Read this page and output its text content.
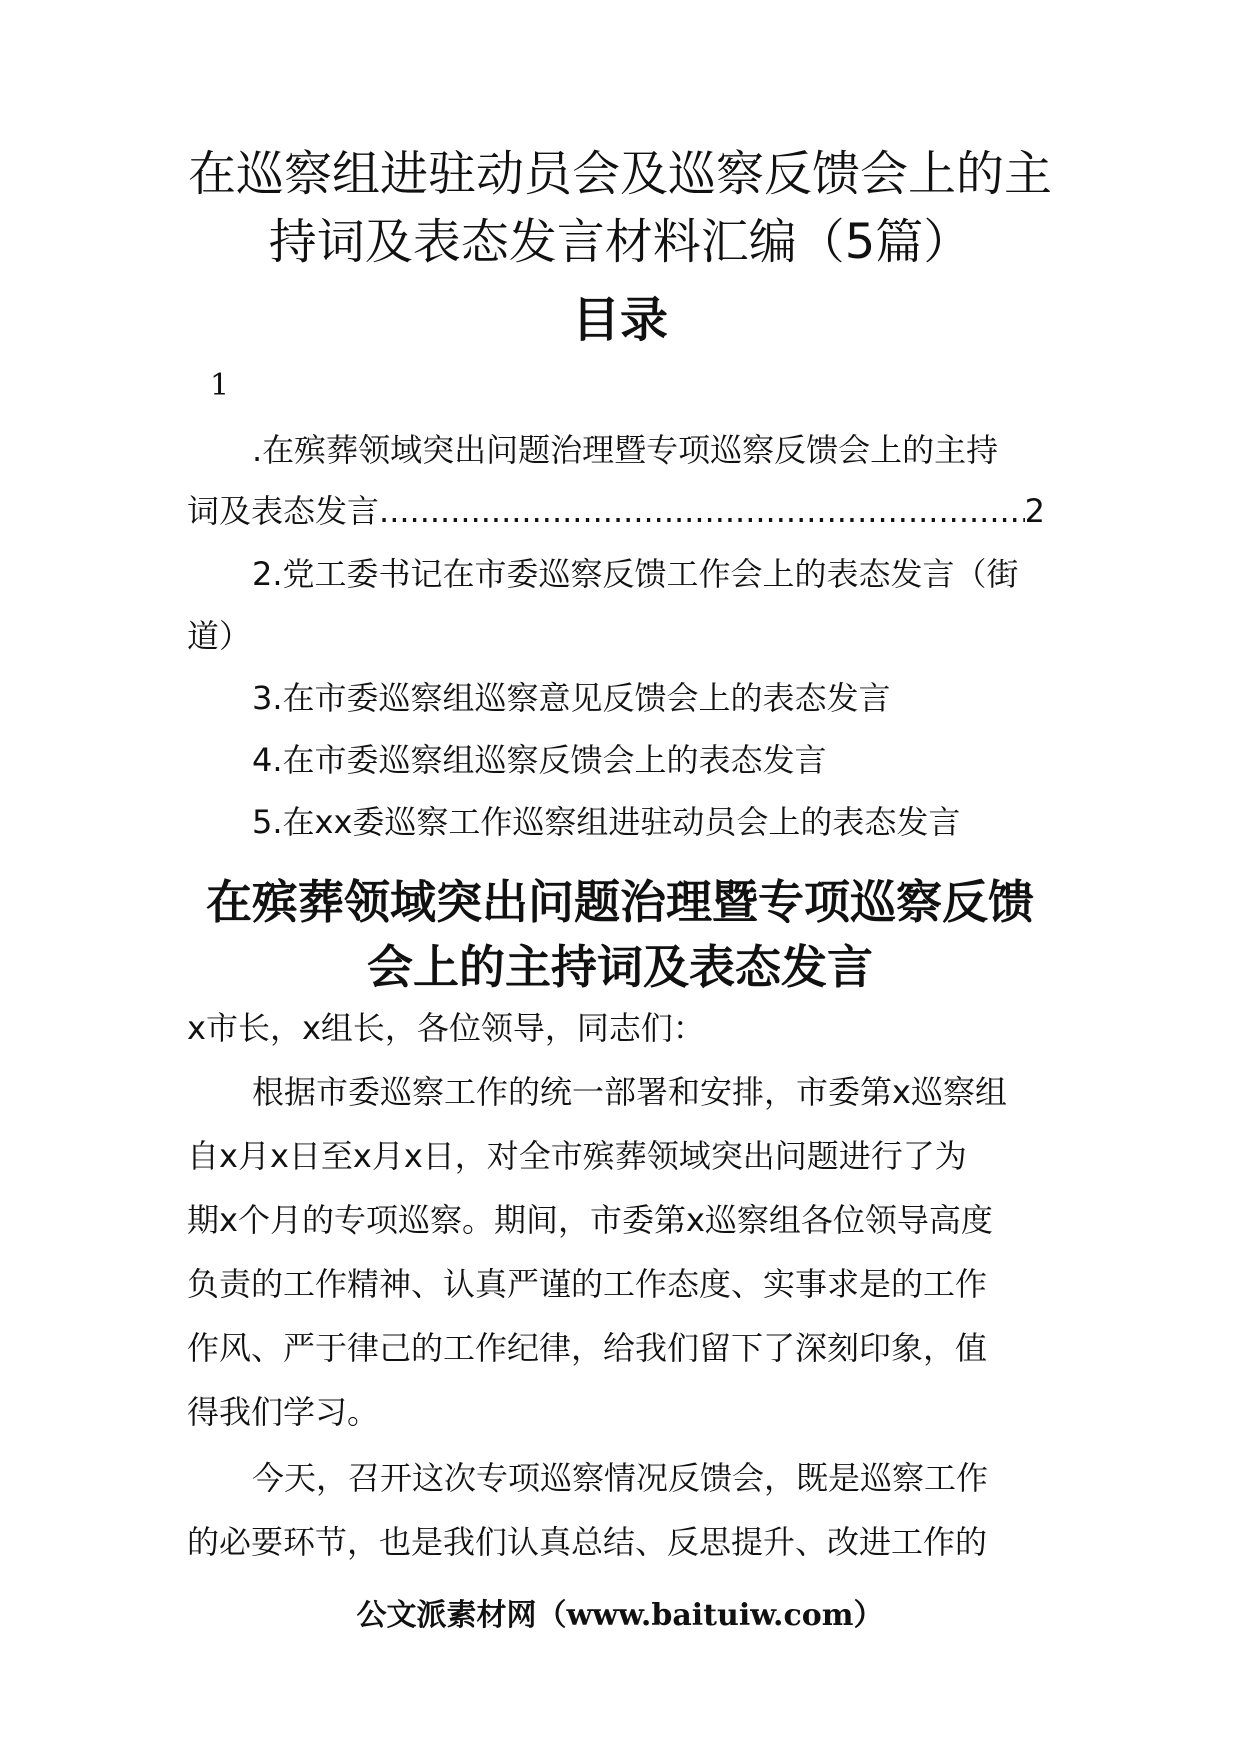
在巡察组进驻动员会及巡察反馈会上的主
持词及表态发言材料汇编（5篇）
目录
1
.在殡葬领域突出问题治理暨专项巡察反馈会上的主持
词及表态发言
.....	2
2.党工委书记在市委巡察反馈工作会上的表态发言（街
道）
3.在市委巡察组巡察意见反馈会上的表态发言
4.在市委巡察组巡察反馈会上的表态发言
5.在xx委巡察工作巡察组进驻动员会上的表态发言
在殡葬领域突出问题治理暨专项巡察反馈
会上的主持词及表态发言
x市长，x组长，各位领导，同志们：
根据市委巡察工作的统一部署和安排，市委第x巡察组
自x月x日至x月x日，对全市殡葬领域突出问题进行了为
期x个月的专项巡察。期间，市委第x巡察组各位领导高度
负责的工作精神、认真严谨的工作态度、实事求是的工作
作风、严于律己的工作纪律，给我们留下了深刻印象，值
得我们学习。
今天，召开这次专项巡察情况反馈会，既是巡察工作
的必要环节，也是我们认真总结、反思提升、改进工作的
公文派素材网（www.baituiw.com）
